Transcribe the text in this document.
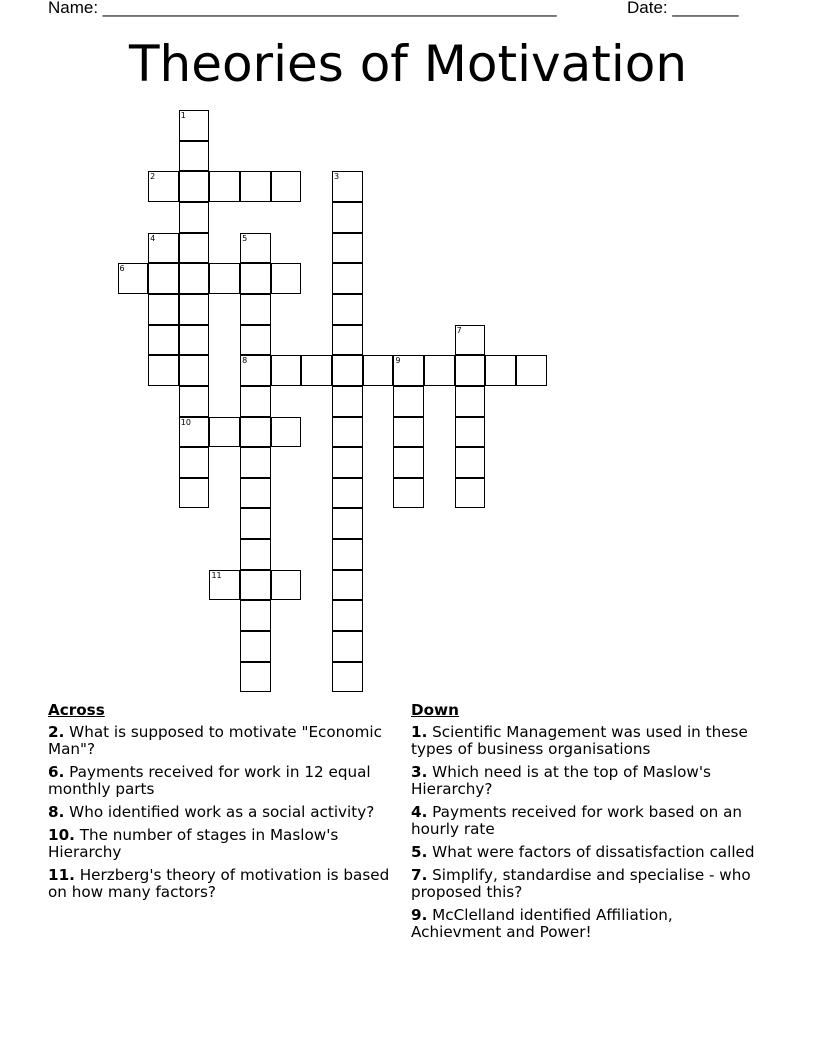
Name: ________________________________________________	Date: _______
Theories of Motivation
1
10
2	3
4	5
8
6
7
9
11
Across
2. What is supposed to motivate "Economic Man"?
6. Payments received for work in 12 equal monthly parts
8. Who identified work as a social activity?
10. The number of stages in Maslow's Hierarchy
11. Herzberg's theory of motivation is based on how many factors?
Down
1. Scientific Management was used in these types of business organisations
3. Which need is at the top of Maslow's Hierarchy?
4. Payments received for work based on an hourly rate
5. What were factors of dissatisfaction called
7. Simplify, standardise and specialise - who proposed this?
9. McClelland identified Affiliation, Achievment and Power!
